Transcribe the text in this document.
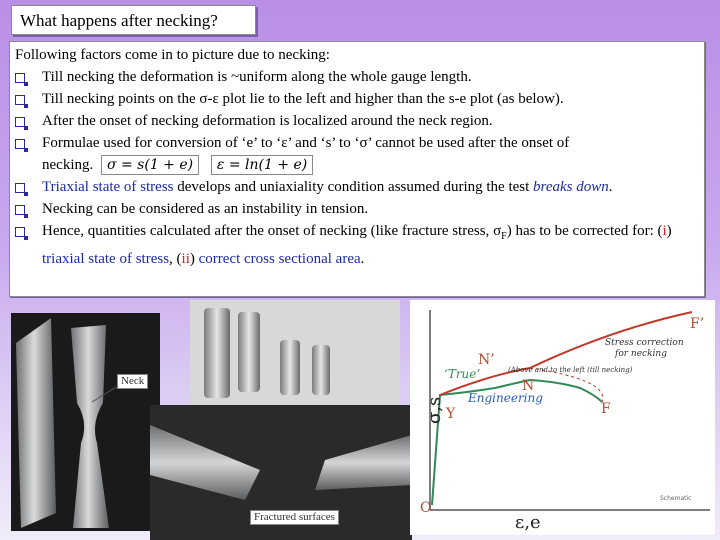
What happens after necking?

Following factors come in to picture due to necking:

Till necking the deformation is ~uniform along the whole gauge length.
Till necking points on the σ-ε plot lie to the left and higher than the s-e plot (as below).
After the onset of necking deformation is localized around the neck region.
Formulae used for conversion of ‘e’ to ‘ε’ and ‘s’ to ‘σ’ cannot be used after the onset of
necking. σ = s(1 + e) ε = ln(1 + e)
Triaxial state of stress develops and uniaxiality condition assumed during the test breaks down.
Necking can be considered as an instability in tension.
Hence, quantities calculated after the onset of necking (like fracture stress, $\sigma_F$) has to be corrected for: (i) triaxial state of stress, (ii) correct cross sectional area.
Neck
Fractured surfaces
‘True’
Engineering
N’
N
F’
F
Y
O
(Above and to the left (till necking)
Stress correction
for necking
Schematic
σ,s
ε,e
